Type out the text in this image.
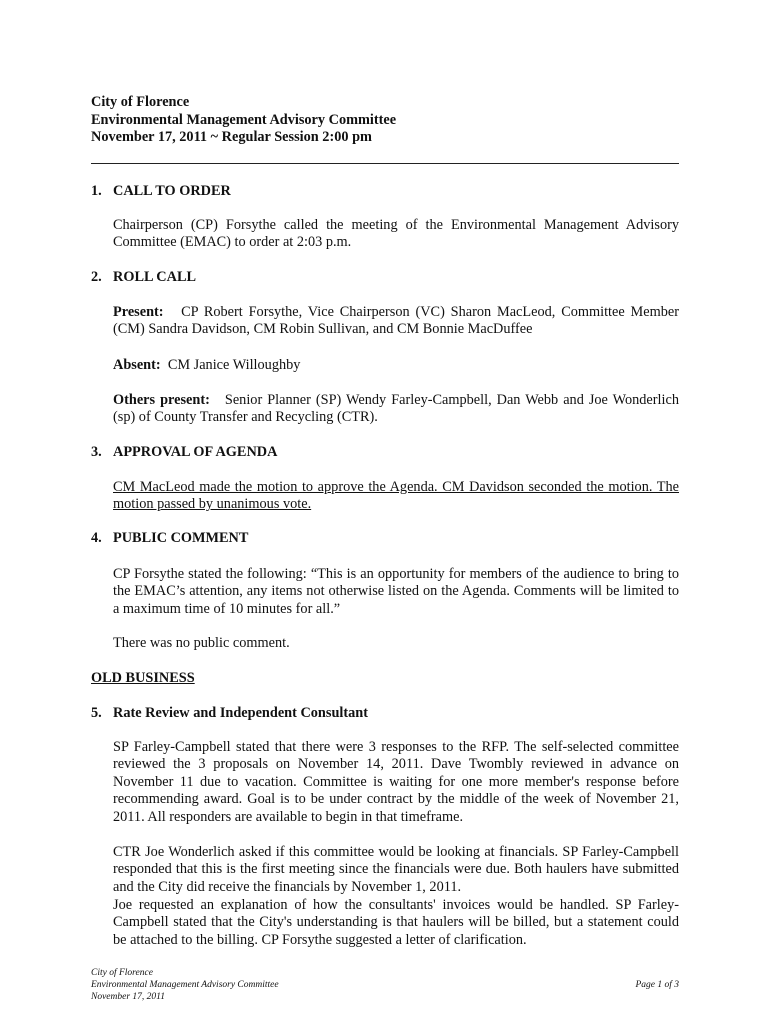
City of Florence
Environmental Management Advisory Committee
November 17, 2011 ~ Regular Session 2:00 pm
1. CALL TO ORDER
Chairperson (CP) Forsythe called the meeting of the Environmental Management Advisory Committee (EMAC) to order at 2:03 p.m.
2. ROLL CALL
Present: CP Robert Forsythe, Vice Chairperson (VC) Sharon MacLeod, Committee Member (CM) Sandra Davidson, CM Robin Sullivan, and CM Bonnie MacDuffee
Absent: CM Janice Willoughby
Others present: Senior Planner (SP) Wendy Farley-Campbell, Dan Webb and Joe Wonderlich (sp) of County Transfer and Recycling (CTR).
3. APPROVAL OF AGENDA
CM MacLeod made the motion to approve the Agenda. CM Davidson seconded the motion. The motion passed by unanimous vote.
4. PUBLIC COMMENT
CP Forsythe stated the following: “This is an opportunity for members of the audience to bring to the EMAC’s attention, any items not otherwise listed on the Agenda. Comments will be limited to a maximum time of 10 minutes for all.”
There was no public comment.
OLD BUSINESS
5. Rate Review and Independent Consultant
SP Farley-Campbell stated that there were 3 responses to the RFP. The self-selected committee reviewed the 3 proposals on November 14, 2011. Dave Twombly reviewed in advance on November 11 due to vacation. Committee is waiting for one more member's response before recommending award. Goal is to be under contract by the middle of the week of November 21, 2011. All responders are available to begin in that timeframe.
CTR Joe Wonderlich asked if this committee would be looking at financials. SP Farley-Campbell responded that this is the first meeting since the financials were due. Both haulers have submitted and the City did receive the financials by November 1, 2011.
Joe requested an explanation of how the consultants' invoices would be handled. SP Farley-Campbell stated that the City's understanding is that haulers will be billed, but a statement could be attached to the billing. CP Forsythe suggested a letter of clarification.
City of Florence
Environmental Management Advisory Committee
November 17, 2011
Page 1 of 3
